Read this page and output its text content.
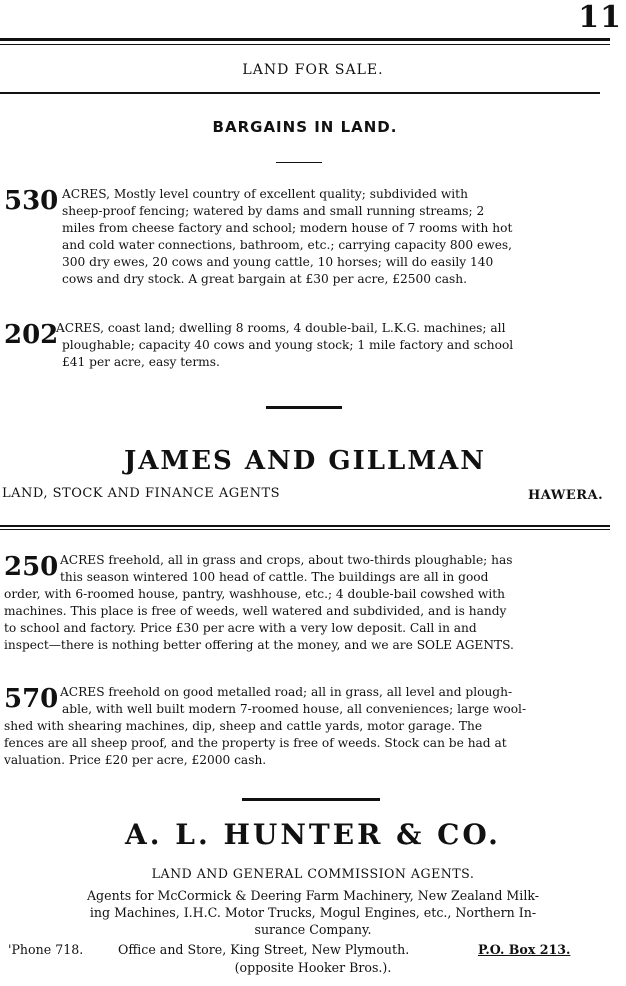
11
LAND FOR SALE.
BARGAINS IN LAND.
530 ACRES, Mostly level country of excellent quality; subdivided with
sheep-proof fencing; watered by dams and small running streams; 2
miles from cheese factory and school; modern house of 7 rooms with hot
and cold water connections, bathroom, etc.; carrying capacity 800 ewes,
300 dry ewes, 20 cows and young cattle, 10 horses; will do easily 140
cows and dry stock. A great bargain at £30 per acre, £2500 cash.
202
ACRES, coast land; dwelling 8 rooms, 4 double-bail, L.K.G. machines; all
ploughable; capacity 40 cows and young stock; 1 mile factory and school
£41 per acre, easy terms.
JAMES AND GILLMAN
LAND, STOCK AND FINANCE AGENTS	HAWERA.
250 ACRES freehold, all in grass and crops, about two-thirds ploughable; has
this season wintered 100 head of cattle. The buildings are all in good
order, with 6-roomed house, pantry, washhouse, etc.; 4 double-bail cowshed with
machines. This place is free of weeds, well watered and subdivided, and is handy
to school and factory. Price £30 per acre with a very low deposit. Call in and
inspect—there is nothing better offering at the money, and we are SOLE AGENTS.
570 ACRES freehold on good metalled road; all in grass, all level and plough-
able, with well built modern 7-roomed house, all conveniences; large wool-
shed with shearing machines, dip, sheep and cattle yards, motor garage. The
fences are all sheep proof, and the property is free of weeds. Stock can be had at
valuation. Price £20 per acre, £2000 cash.
A. L. HUNTER & CO.
LAND AND GENERAL COMMISSION AGENTS.
Agents for McCormick & Deering Farm Machinery, New Zealand Milk-
ing Machines, I.H.C. Motor Trucks, Mogul Engines, etc., Northern In-
surance Company.
'Phone 718.	Office and Store, King Street, New Plymouth.	P.O. Box 213.
(opposite Hooker Bros.).
